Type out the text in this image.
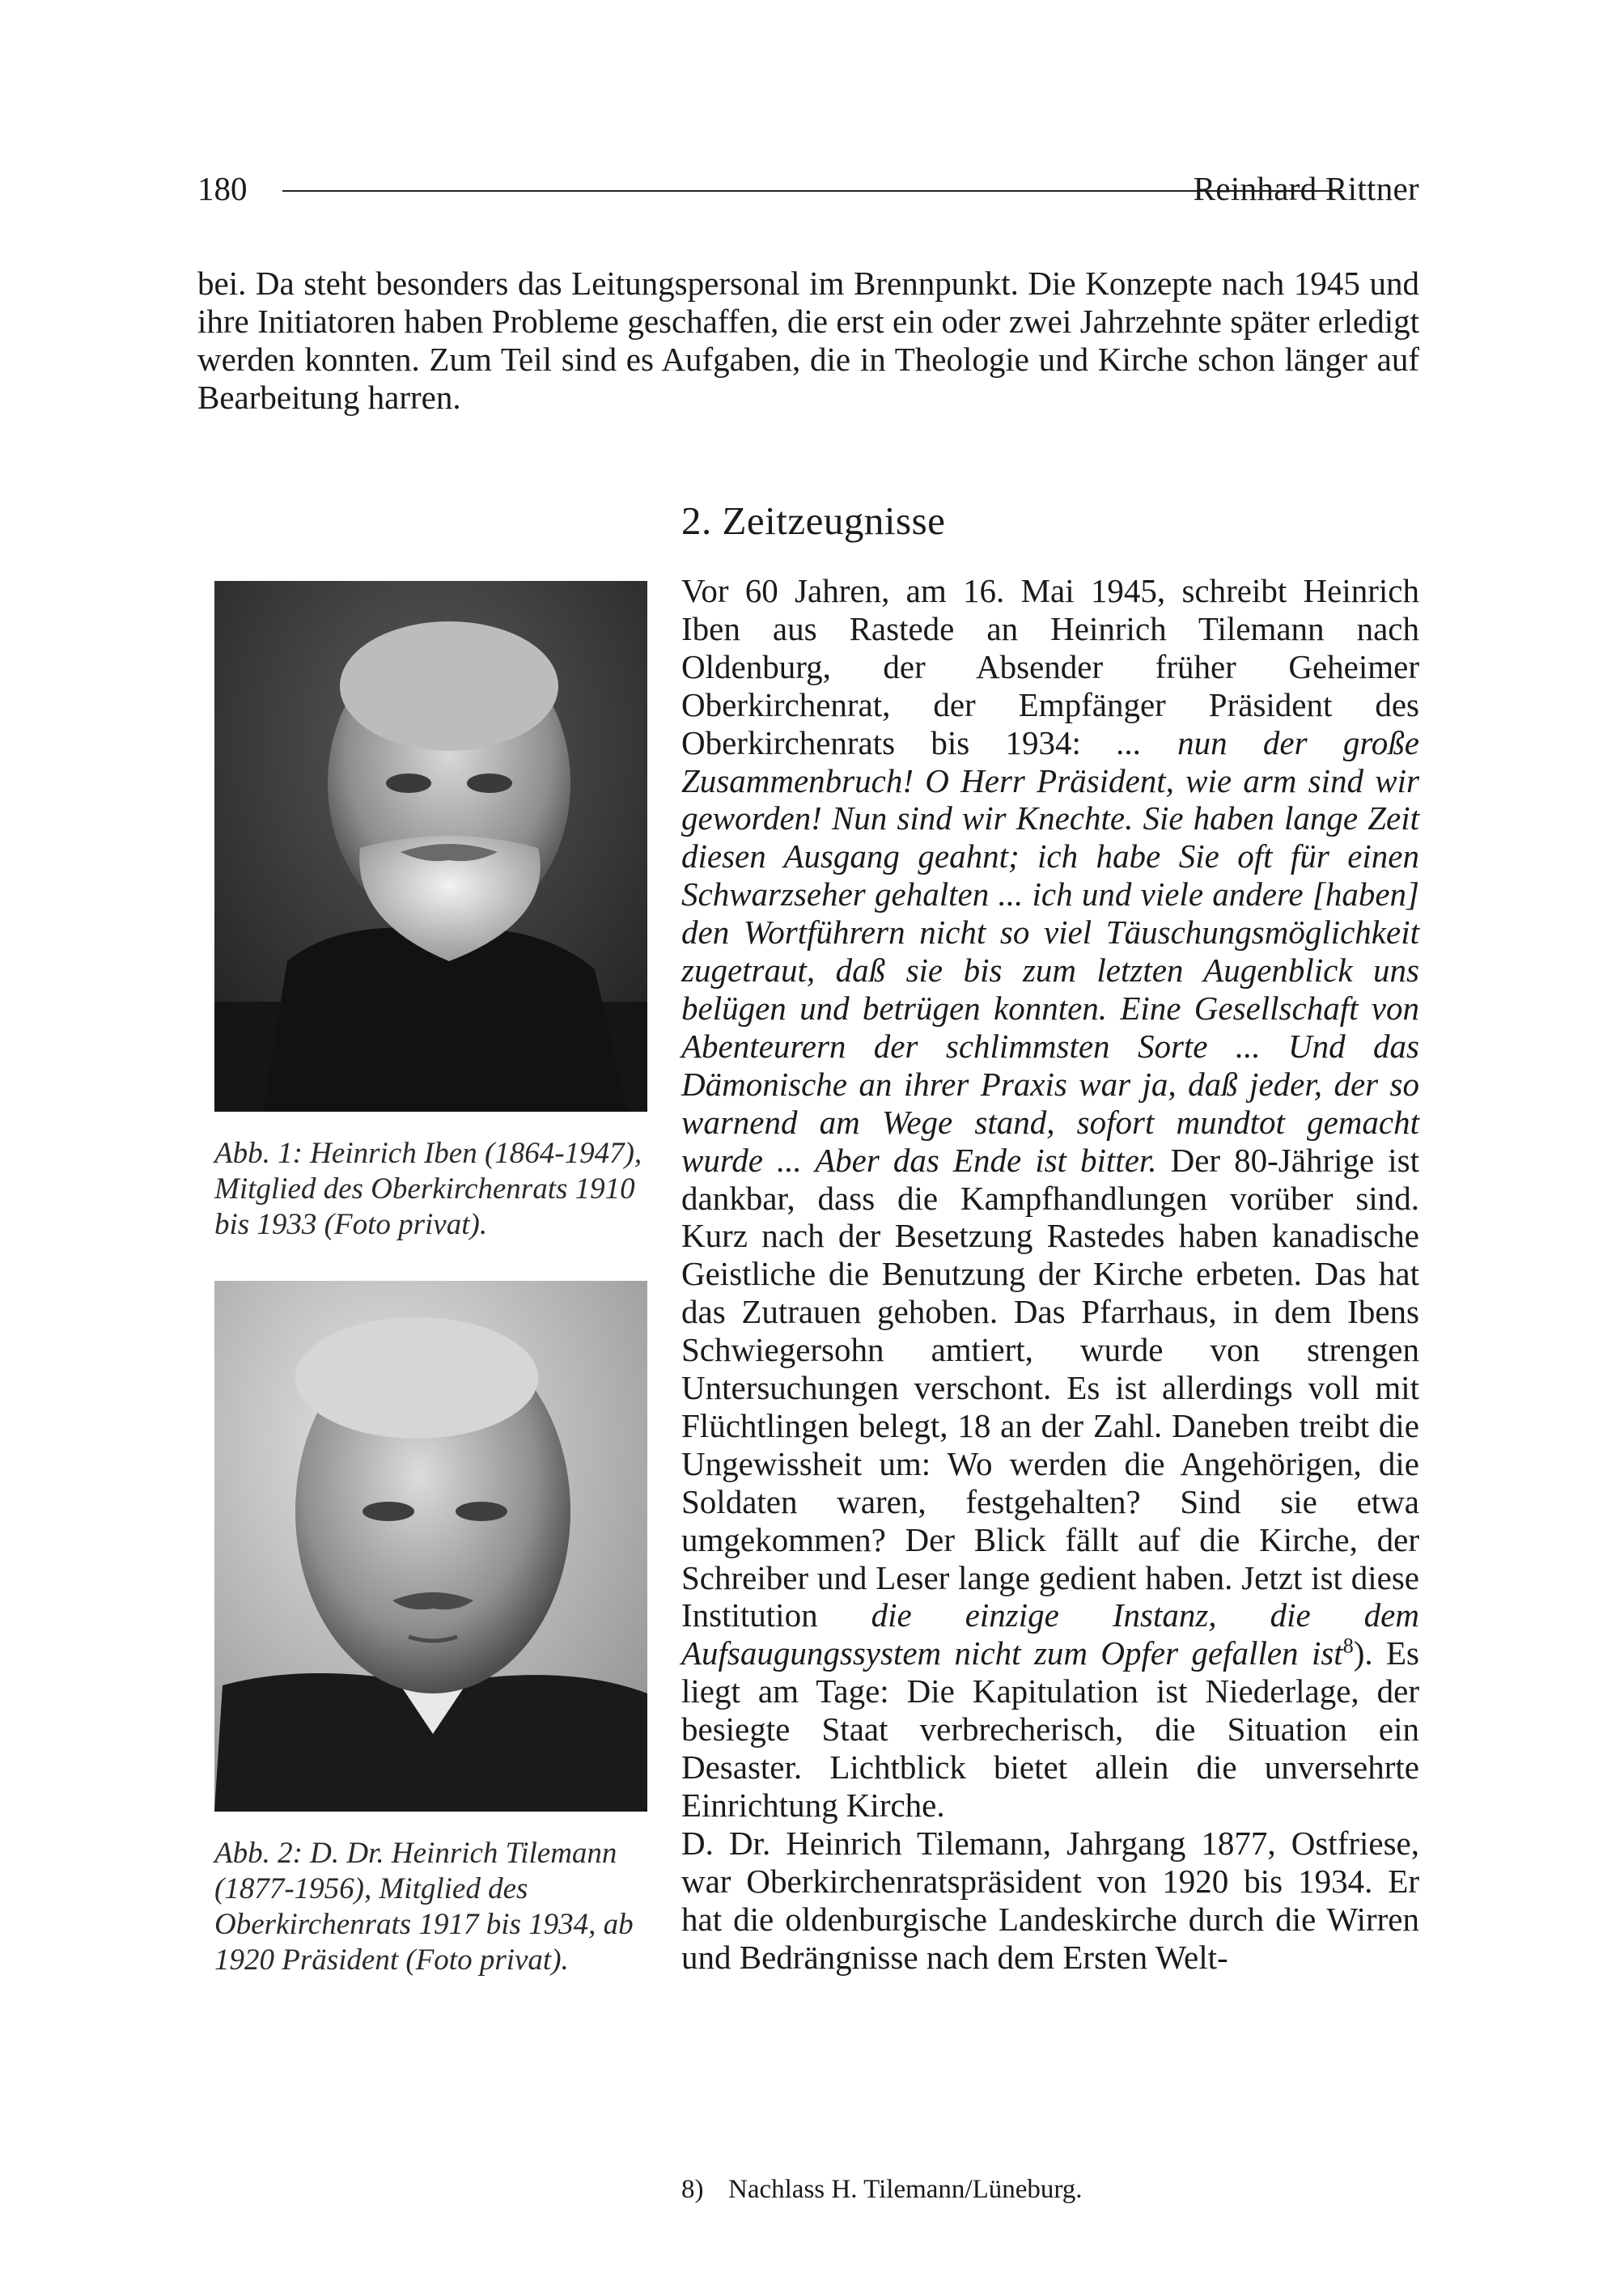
180	Reinhard Rittner

bei. Da steht besonders das Leitungspersonal im Brennpunkt. Die Konzepte nach 1945 und ihre Initiatoren haben Probleme geschaffen, die erst ein oder zwei Jahrzehnte später erledigt werden konnten. Zum Teil sind es Aufgaben, die in Theologie und Kirche schon länger auf Bearbeitung harren.

2. Zeitzeugnisse

Abb. 1: Heinrich Iben (1864-1947), Mitglied des Oberkirchenrats 1910 bis 1933 (Foto privat).

Abb. 2: D. Dr. Heinrich Tilemann (1877-1956), Mitglied des Oberkirchenrats 1917 bis 1934, ab 1920 Präsident (Foto privat).

Vor 60 Jahren, am 16. Mai 1945, schreibt Heinrich Iben aus Rastede an Heinrich Tilemann nach Oldenburg, der Absender früher Geheimer Oberkirchenrat, der Empfänger Präsident des Oberkirchenrats bis 1934: ... nun der große Zusammenbruch! O Herr Präsident, wie arm sind wir geworden! Nun sind wir Knechte. Sie haben lange Zeit diesen Ausgang geahnt; ich habe Sie oft für einen Schwarzseher gehalten ... ich und viele andere [haben] den Wortführern nicht so viel Täuschungsmöglichkeit zugetraut, daß sie bis zum letzten Augenblick uns belügen und betrügen konnten. Eine Gesellschaft von Abenteurern der schlimmsten Sorte ... Und das Dämonische an ihrer Praxis war ja, daß jeder, der so warnend am Wege stand, sofort mundtot gemacht wurde ... Aber das Ende ist bitter. Der 80-Jährige ist dankbar, dass die Kampfhandlungen vorüber sind. Kurz nach der Besetzung Rastedes haben kanadische Geistliche die Benutzung der Kirche erbeten. Das hat das Zutrauen gehoben. Das Pfarrhaus, in dem Ibens Schwiegersohn amtiert, wurde von strengen Untersuchungen verschont. Es ist allerdings voll mit Flüchtlingen belegt, 18 an der Zahl. Daneben treibt die Ungewissheit um: Wo werden die Angehörigen, die Soldaten waren, festgehalten? Sind sie etwa umgekommen? Der Blick fällt auf die Kirche, der Schreiber und Leser lange gedient haben. Jetzt ist diese Institution die einzige Instanz, die dem Aufsaugungssystem nicht zum Opfer gefallen ist$^8$). Es liegt am Tage: Die Kapitulation ist Niederlage, der besiegte Staat verbrecherisch, die Situation ein Desaster. Lichtblick bietet allein die unversehrte Einrichtung Kirche.

D. Dr. Heinrich Tilemann, Jahrgang 1877, Ostfriese, war Oberkirchenratspräsident von 1920 bis 1934. Er hat die oldenburgische Landeskirche durch die Wirren und Bedrängnisse nach dem Ersten Welt-

8) Nachlass H. Tilemann/Lüneburg.
